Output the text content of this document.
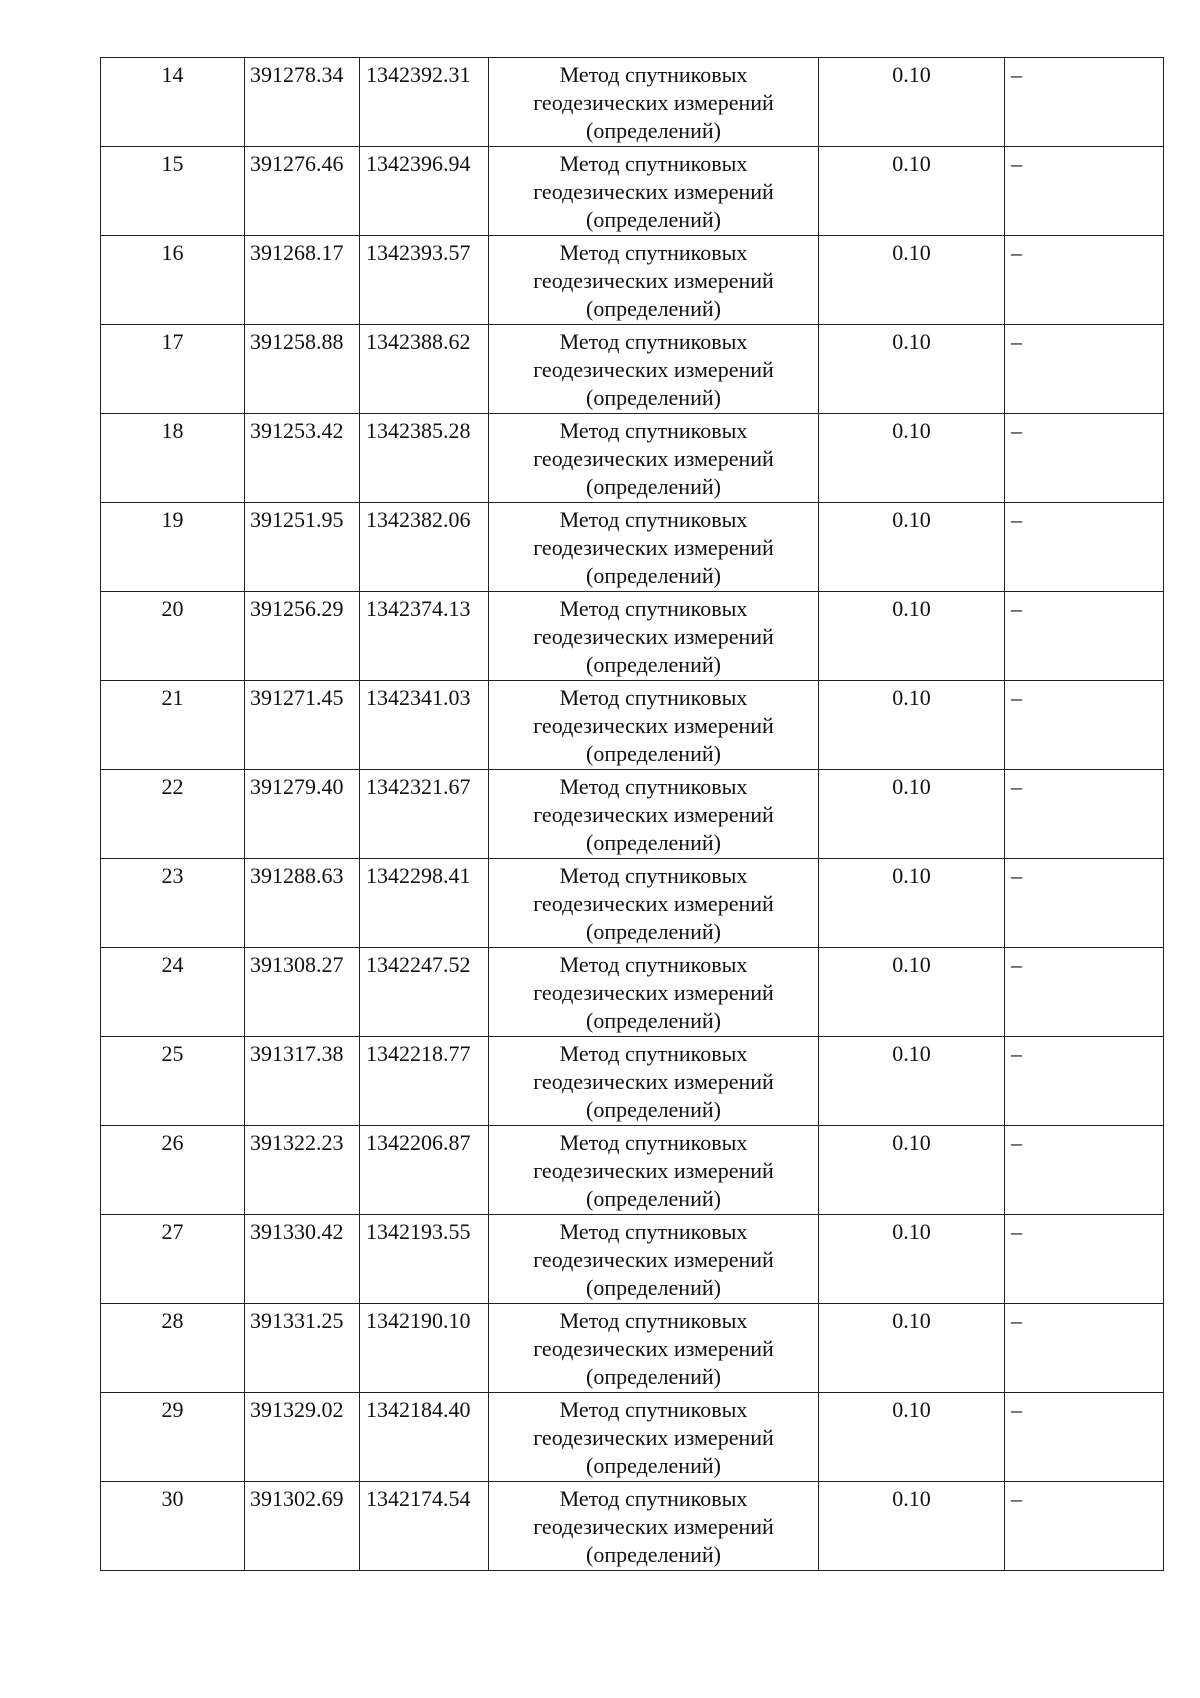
14	391278.34	1342392.31	Метод спутниковых геодезических измерений (определений)	0.10	–
15	391276.46	1342396.94	Метод спутниковых геодезических измерений (определений)	0.10	–
16	391268.17	1342393.57	Метод спутниковых геодезических измерений (определений)	0.10	–
17	391258.88	1342388.62	Метод спутниковых геодезических измерений (определений)	0.10	–
18	391253.42	1342385.28	Метод спутниковых геодезических измерений (определений)	0.10	–
19	391251.95	1342382.06	Метод спутниковых геодезических измерений (определений)	0.10	–
20	391256.29	1342374.13	Метод спутниковых геодезических измерений (определений)	0.10	–
21	391271.45	1342341.03	Метод спутниковых геодезических измерений (определений)	0.10	–
22	391279.40	1342321.67	Метод спутниковых геодезических измерений (определений)	0.10	–
23	391288.63	1342298.41	Метод спутниковых геодезических измерений (определений)	0.10	–
24	391308.27	1342247.52	Метод спутниковых геодезических измерений (определений)	0.10	–
25	391317.38	1342218.77	Метод спутниковых геодезических измерений (определений)	0.10	–
26	391322.23	1342206.87	Метод спутниковых геодезических измерений (определений)	0.10	–
27	391330.42	1342193.55	Метод спутниковых геодезических измерений (определений)	0.10	–
28	391331.25	1342190.10	Метод спутниковых геодезических измерений (определений)	0.10	–
29	391329.02	1342184.40	Метод спутниковых геодезических измерений (определений)	0.10	–
30	391302.69	1342174.54	Метод спутниковых геодезических измерений (определений)	0.10	–
